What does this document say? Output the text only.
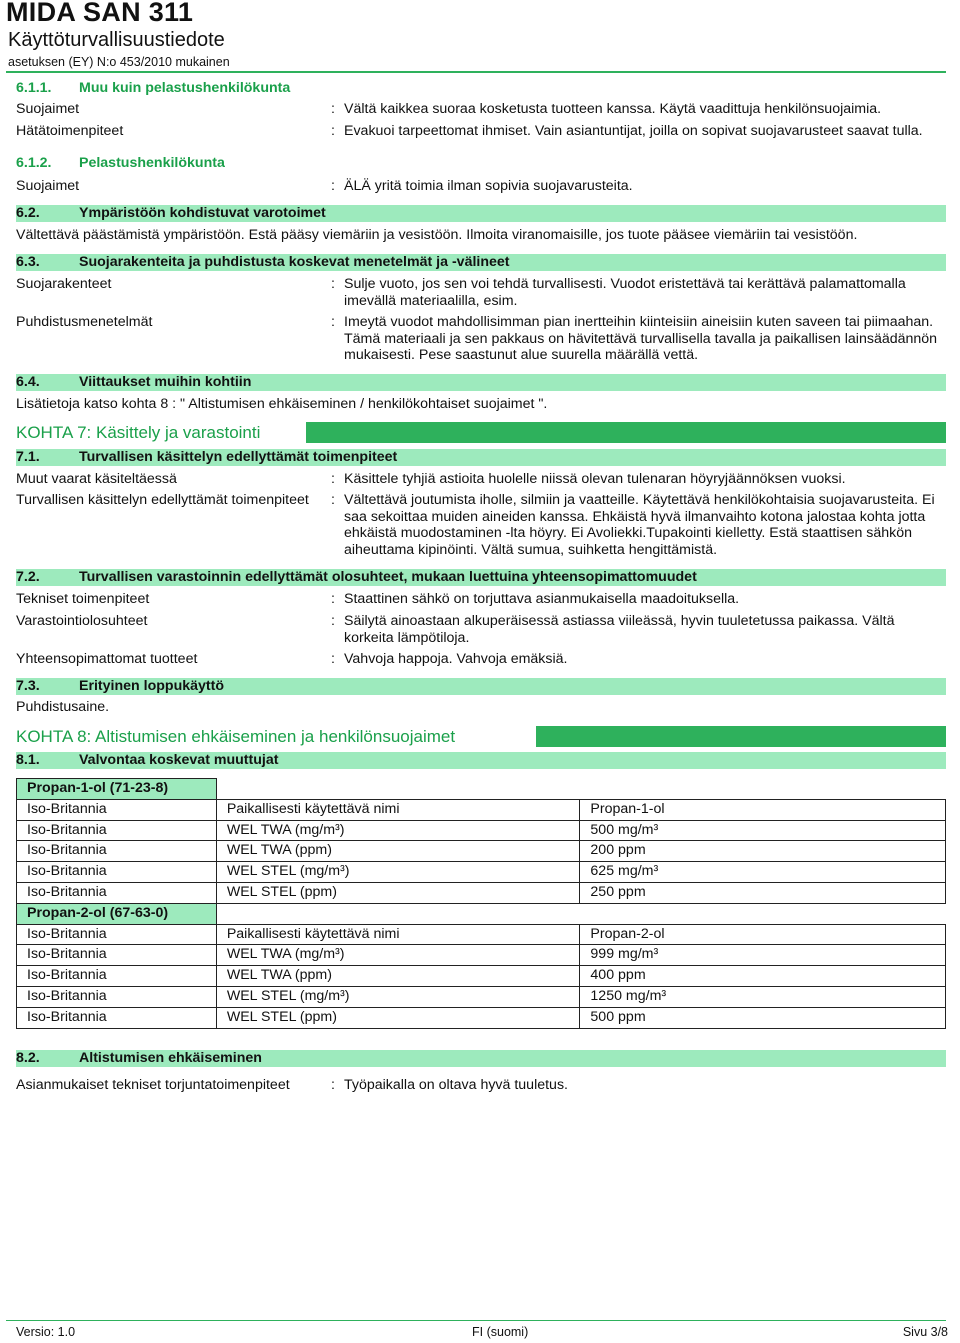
MIDA SAN 311
Käyttöturvallisuustiedote
asetuksen (EY) N:o 453/2010 mukainen
6.1.1. Muu kuin pelastushenkilökunta
Suojaimet	: Vältä kaikkea suoraa kosketusta tuotteen kanssa. Käytä vaadittuja henkilönsuojaimia.
Hätätoimenpiteet	: Evakuoi tarpeettomat ihmiset. Vain asiantuntijat, joilla on sopivat suojavarusteet saavat tulla.
6.1.2. Pelastushenkilökunta
Suojaimet	: ÄLÄ yritä toimia ilman sopivia suojavarusteita.
6.2.	Ympäristöön kohdistuvat varotoimet
Vältettävä päästämistä ympäristöön. Estä pääsy viemäriin ja vesistöön. Ilmoita viranomaisille, jos tuote pääsee viemäriin tai vesistöön.
6.3.	Suojarakenteita ja puhdistusta koskevat menetelmät ja -välineet
Suojarakenteet	: Sulje vuoto, jos sen voi tehdä turvallisesti. Vuodot eristettävä tai kerättävä palamattomalla imevällä materiaalilla, esim.
Puhdistusmenetelmät	: Imeytä vuodot mahdollisimman pian inertteihin kiinteisiin aineisiin kuten saveen tai piimaahan. Tämä materiaali ja sen pakkaus on hävitettävä turvallisella tavalla ja paikallisen lainsäädännön mukaisesti. Pese saastunut alue suurella määrällä vettä.
6.4.	Viittaukset muihin kohtiin
Lisätietoja katso kohta 8 : " Altistumisen ehkäiseminen / henkilökohtaiset suojaimet ".
KOHTA 7: Käsittely ja varastointi
7.1.	Turvallisen käsittelyn edellyttämät toimenpiteet
Muut vaarat käsiteltäessä	: Käsittele tyhjiä astioita huolelle niissä olevan tulenaran höyryjäännöksen vuoksi.
Turvallisen käsittelyn edellyttämät toimenpiteet : Vältettävä joutumista iholle, silmiin ja vaatteille. Käytettävä henkilökohtaisia suojavarusteita. Ei saa sekoittaa muiden aineiden kanssa. Ehkäistä hyvä ilmanvaihto kotona jalostaa kohta jotta ehkäistä muodostaminen -lta höyry. Ei Avoliekki.Tupakointi kielletty. Estä staattisen sähkön aiheuttama kipinöinti. Vältä sumua, suihketta hengittämistä.
7.2.	Turvallisen varastoinnin edellyttämät olosuhteet, mukaan luettuina yhteensopimattomuudet
Tekniset toimenpiteet	: Staattinen sähkö on torjuttava asianmukaisella maadoituksella.
Varastointiolosuhteet	: Säilytä ainoastaan alkuperäisessä astiassa viileässä, hyvin tuuletetussa paikassa. Vältä korkeita lämpötiloja.
Yhteensopimattomat tuotteet	: Vahvoja happoja. Vahvoja emäksiä.
7.3.	Erityinen loppukäyttö
Puhdistusaine.
KOHTA 8: Altistumisen ehkäiseminen ja henkilönsuojaimet
8.1.	Valvontaa koskevat muuttujat
Propan-1-ol (71-23-8)		
Iso-Britannia	Paikallisesti käytettävä nimi	Propan-1-ol
Iso-Britannia	WEL TWA (mg/m³)	500 mg/m³
Iso-Britannia	WEL TWA (ppm)	200 ppm
Iso-Britannia	WEL STEL (mg/m³)	625 mg/m³
Iso-Britannia	WEL STEL (ppm)	250 ppm
Propan-2-ol (67-63-0)		
Iso-Britannia	Paikallisesti käytettävä nimi	Propan-2-ol
Iso-Britannia	WEL TWA (mg/m³)	999 mg/m³
Iso-Britannia	WEL TWA (ppm)	400 ppm
Iso-Britannia	WEL STEL (mg/m³)	1250 mg/m³
Iso-Britannia	WEL STEL (ppm)	500 ppm
8.2.	Altistumisen ehkäiseminen
Asianmukaiset tekniset torjuntatoimenpiteet	: Työpaikalla on oltava hyvä tuuletus.
Versio: 1.0	FI (suomi)	Sivu 3/8
